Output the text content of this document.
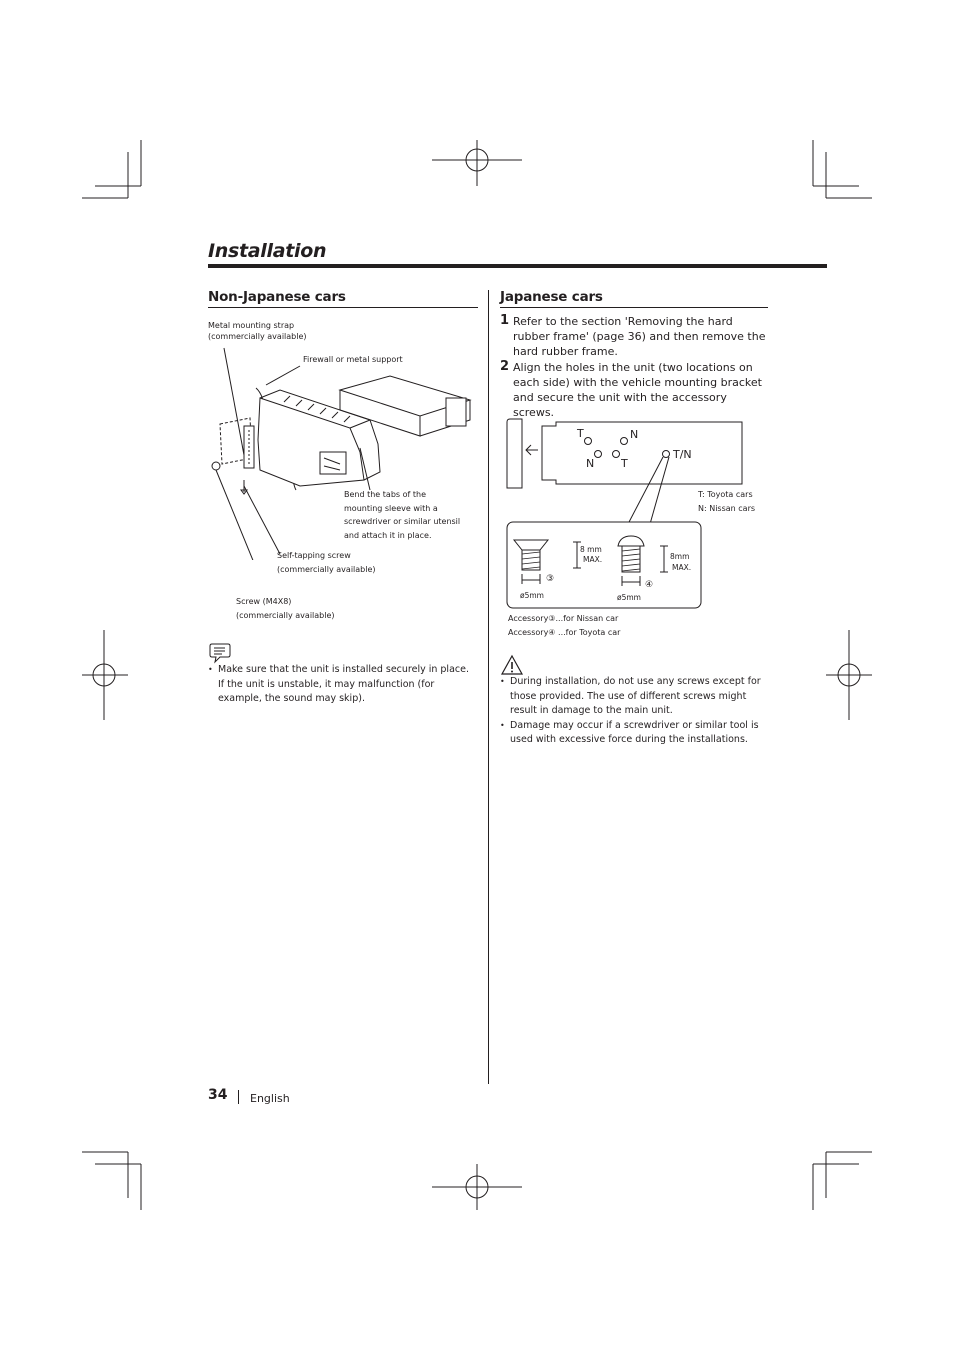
Installation
Non-Japanese cars
Metal mounting strap
(commercially available)
Firewall or metal support
Bend the tabs of the
mounting sleeve with a
screwdriver or similar utensil
and attach it in place.
Self-tapping screw
(commercially available)
Screw (M4X8)
(commercially available)
• Make sure that the unit is installed securely in place. If the unit is unstable, it may malfunction (for example, the sound may skip).
Japanese cars
1 Refer to the section 'Removing the hard rubber frame' (page 36) and then remove the hard rubber frame.
2 Align the holes in the unit (two locations on each side) with the vehicle mounting bracket and secure the unit with the accessory screws.
T	N
N T
T/N
8 mm
MAX.
③
ø5mm
8mm
MAX.
④
ø5mm
T: Toyota cars
N: Nissan cars
Accessory③...for Nissan car
Accessory④ ...for Toyota car
• During installation, do not use any screws except for those provided. The use of different screws might result in damage to the main unit.
• Damage may occur if a screwdriver or similar tool is used with excessive force during the installations.
34 English
